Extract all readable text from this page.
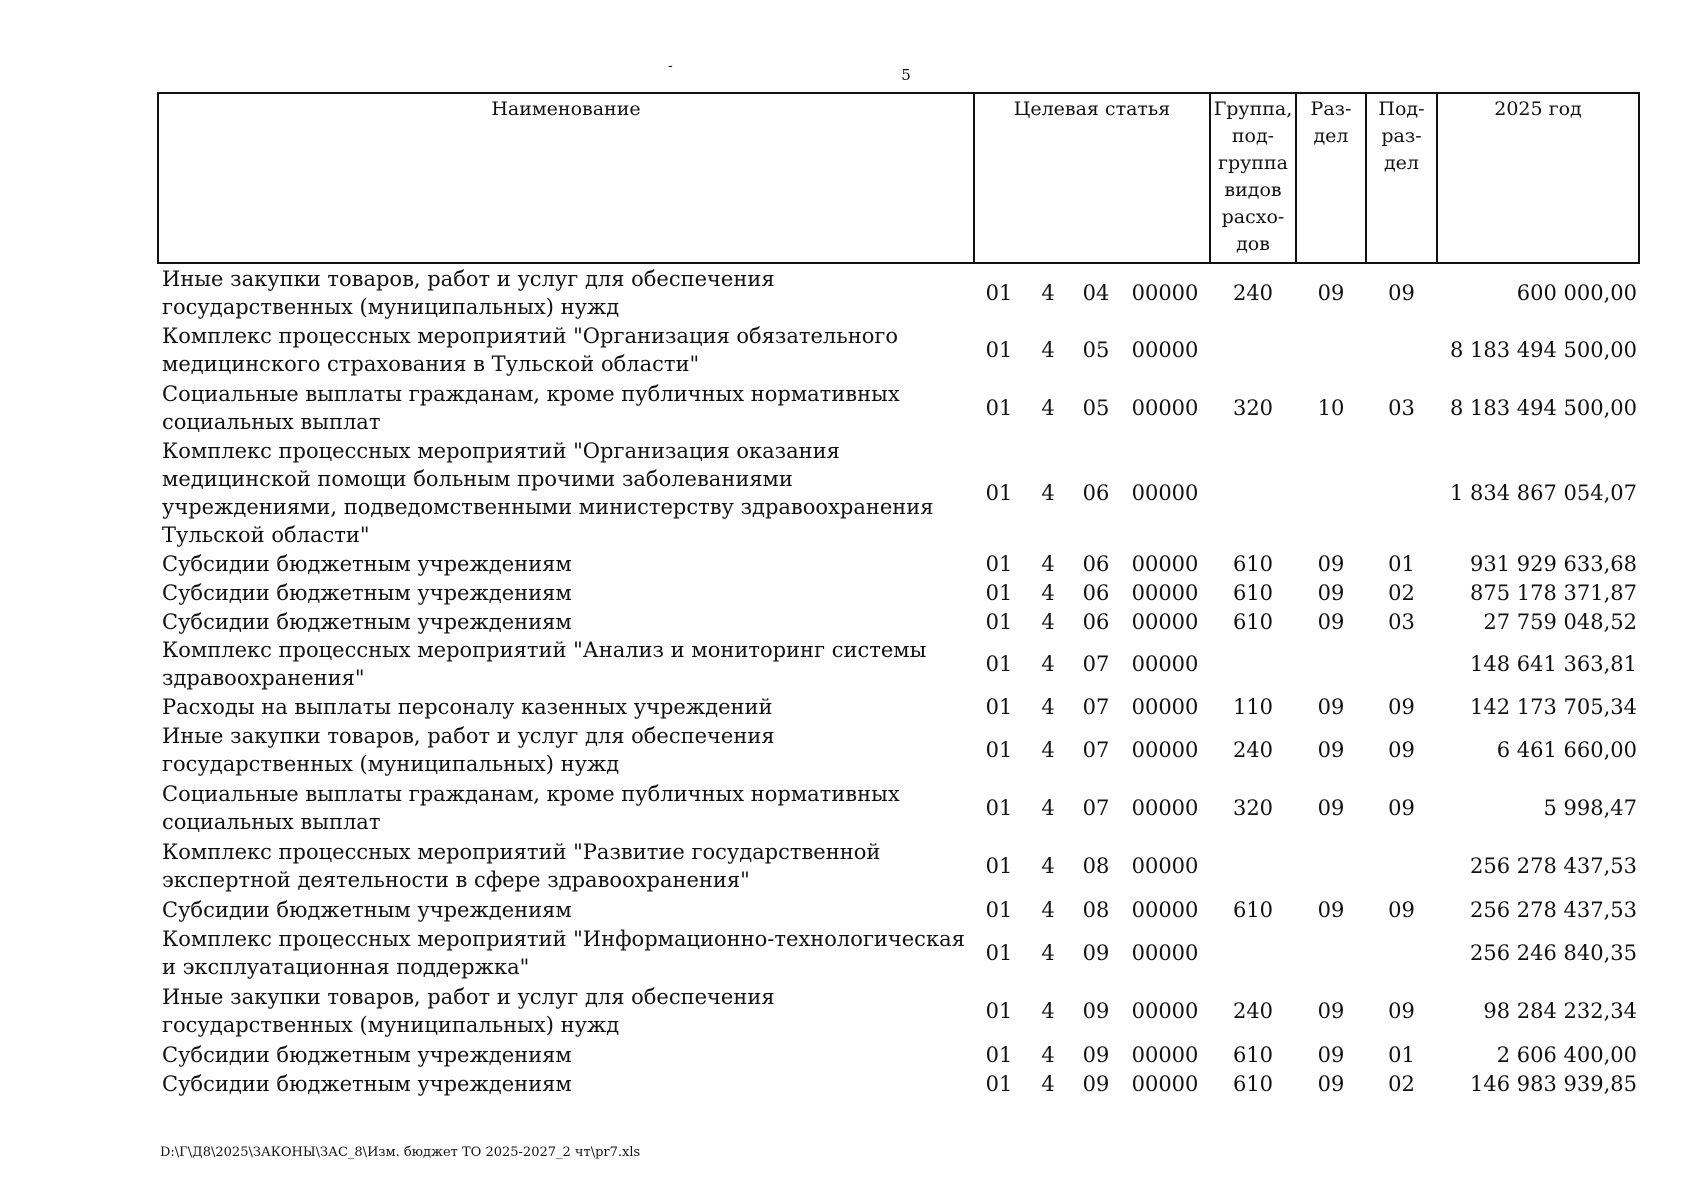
-	5
Наименование	Целевая статья				Группа, под- группа видов расхо- дов	Раз- дел	Под- раз- дел	2025 год
Иные закупки товаров, работ и услуг для обеспечения государственных (муниципальных) нужд	01	4	04	00000	240	09	09	600 000,00
Комплекс процессных мероприятий "Организация обязательного медицинского страхования в Тульской области"	01	4	05	00000				8 183 494 500,00
Социальные выплаты гражданам, кроме публичных нормативных социальных выплат	01	4	05	00000	320	10	03	8 183 494 500,00
Комплекс процессных мероприятий "Организация оказания медицинской помощи больным прочими заболеваниями учреждениями, подведомственными министерству здравоохранения Тульской области"	01	4	06	00000				1 834 867 054,07
Субсидии бюджетным учреждениям	01	4	06	00000	610	09	01	931 929 633,68
Субсидии бюджетным учреждениям	01	4	06	00000	610	09	02	875 178 371,87
Субсидии бюджетным учреждениям	01	4	06	00000	610	09	03	27 759 048,52
Комплекс процессных мероприятий "Анализ и мониторинг системы здравоохранения"	01	4	07	00000				148 641 363,81
Расходы на выплаты персоналу казенных учреждений	01	4	07	00000	110	09	09	142 173 705,34
Иные закупки товаров, работ и услуг для обеспечения государственных (муниципальных) нужд	01	4	07	00000	240	09	09	6 461 660,00
Социальные выплаты гражданам, кроме публичных нормативных социальных выплат	01	4	07	00000	320	09	09	5 998,47
Комплекс процессных мероприятий "Развитие государственной экспертной деятельности в сфере здравоохранения"	01	4	08	00000				256 278 437,53
Субсидии бюджетным учреждениям	01	4	08	00000	610	09	09	256 278 437,53
Комплекс процессных мероприятий "Информационно-технологическая и эксплуатационная поддержка"	01	4	09	00000				256 246 840,35
Иные закупки товаров, работ и услуг для обеспечения государственных (муниципальных) нужд	01	4	09	00000	240	09	09	98 284 232,34
Субсидии бюджетным учреждениям	01	4	09	00000	610	09	01	2 606 400,00
Субсидии бюджетным учреждениям	01	4	09	00000	610	09	02	146 983 939,85
D:\Г\Д8\2025\ЗАКОНЫ\ЗАС_8\Изм. бюджет ТО 2025-2027_2 чт\pr7.xls
